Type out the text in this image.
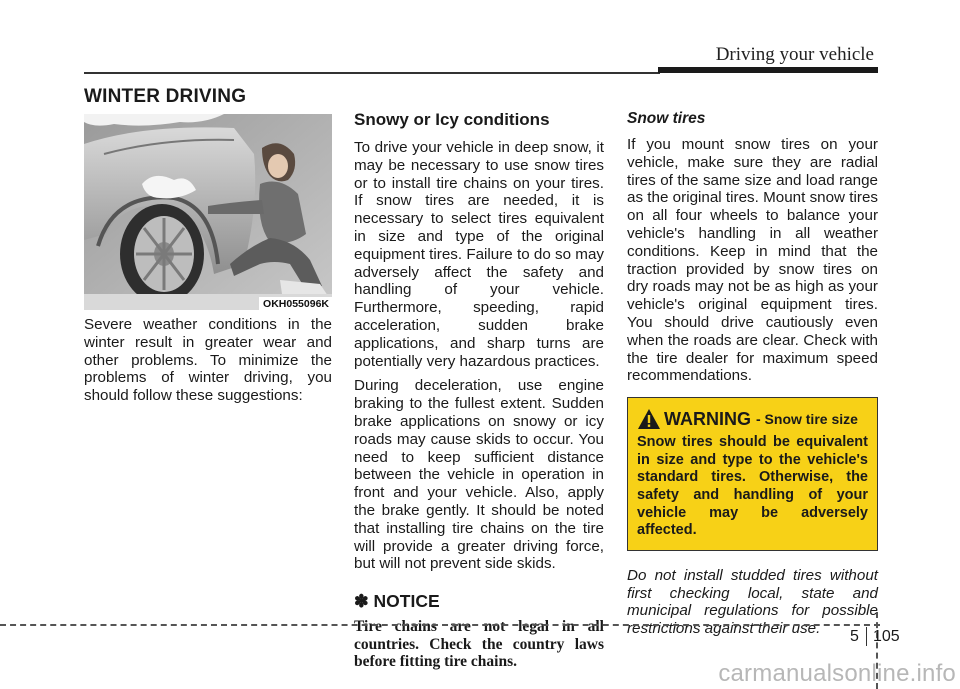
Driving your vehicle
WINTER DRIVING
OKH055096K

Severe weather conditions in the winter result in greater wear and other problems. To minimize the problems of winter driving, you should follow these suggestions:

Snowy or Icy conditions

To drive your vehicle in deep snow, it may be necessary to use snow tires or to install tire chains on your tires. If snow tires are needed, it is necessary to select tires equivalent in size and type of the original equipment tires. Failure to do so may adversely affect the safety and handling of your vehicle. Furthermore, speeding, rapid acceleration, sudden brake applications, and sharp turns are potentially very hazardous practices.

During deceleration, use engine braking to the fullest extent. Sudden brake applications on snowy or icy roads may cause skids to occur. You need to keep sufficient distance between the vehicle in operation in front and your vehicle. Also, apply the brake gently. It should be noted that installing tire chains on the tire will provide a greater driving force, but will not prevent side skids.

✽ NOTICE

Tire chains are not legal in all countries. Check the country laws before fitting tire chains.

Snow tires

If you mount snow tires on your vehicle, make sure they are radial tires of the same size and load range as the original tires. Mount snow tires on all four wheels to balance your vehicle's handling in all weather conditions. Keep in mind that the traction provided by snow tires on dry roads may not be as high as your vehicle's original equipment tires. You should drive cautiously even when the roads are clear. Check with the tire dealer for maximum speed recommendations.

WARNING - Snow tire size
Snow tires should be equivalent in size and type to the vehicle's standard tires. Otherwise, the safety and handling of your vehicle may be adversely affected.

Do not install studded tires without first checking local, state and municipal regulations for possible restrictions against their use.	5 105
carmanualsonline.info
